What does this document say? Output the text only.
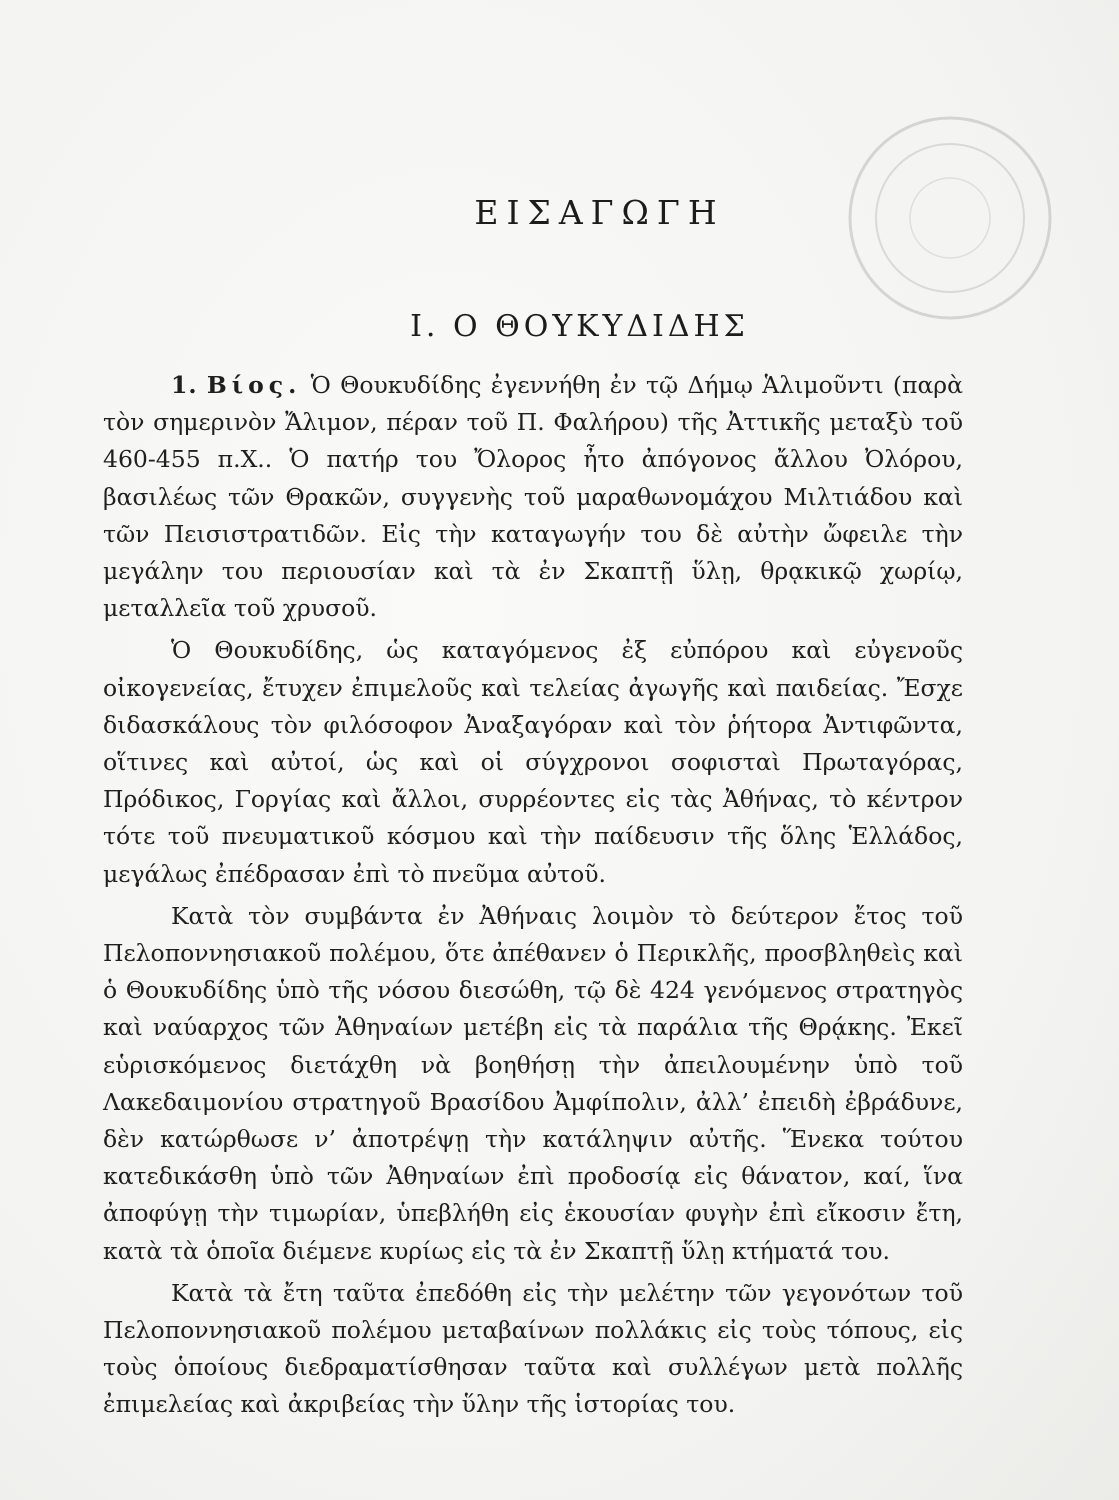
ΕΙΣΑΓΩΓΗ
Ι. Ο ΘΟΥΚΥΔΙΔΗΣ

1. Βίος. Ὁ Θουκυδίδης ἐγεννήθη ἐν τῷ Δήμῳ Ἁλιμοῦντι (παρὰ τὸν σημερινὸν Ἄλιμον, πέραν τοῦ Π. Φαλήρου) τῆς Ἀττικῆς μεταξὺ τοῦ 460-455 π.Χ.. Ὁ πατήρ του Ὄλορος ἦτο ἀπόγονος ἄλλου Ὀλόρου, βασιλέως τῶν Θρακῶν, συγγενὴς τοῦ μαραθωνομάχου Μιλτιάδου καὶ τῶν Πεισιστρατιδῶν. Εἰς τὴν καταγωγήν του δὲ αὐτὴν ὤφειλε τὴν μεγάλην του περιουσίαν καὶ τὰ ἐν Σκαπτῇ ὕλῃ, θρᾳκικῷ χωρίῳ, μεταλλεῖα τοῦ χρυσοῦ.

Ὁ Θουκυδίδης, ὡς καταγόμενος ἐξ εὐπόρου καὶ εὐγενοῦς οἰκογενείας, ἔτυχεν ἐπιμελοῦς καὶ τελείας ἀγωγῆς καὶ παιδείας. Ἔσχε διδασκάλους τὸν φιλόσοφον Ἀναξαγόραν καὶ τὸν ῥήτορα Ἀντιφῶντα, οἵτινες καὶ αὐτοί, ὡς καὶ οἱ σύγχρονοι σοφισταὶ Πρωταγόρας, Πρόδικος, Γοργίας καὶ ἄλλοι, συρρέοντες εἰς τὰς Ἀθήνας, τὸ κέντρον τότε τοῦ πνευματικοῦ κόσμου καὶ τὴν παίδευσιν τῆς ὅλης Ἑλλάδος, μεγάλως ἐπέδρασαν ἐπὶ τὸ πνεῦμα αὐτοῦ.

Κατὰ τὸν συμβάντα ἐν Ἀθήναις λοιμὸν τὸ δεύτερον ἔτος τοῦ Πελοποννησιακοῦ πολέμου, ὅτε ἀπέθανεν ὁ Περικλῆς, προσβληθεὶς καὶ ὁ Θουκυδίδης ὑπὸ τῆς νόσου διεσώθη, τῷ δὲ 424 γενόμενος στρατηγὸς καὶ ναύαρχος τῶν Ἀθηναίων μετέβη εἰς τὰ παράλια τῆς Θρᾴκης. Ἐκεῖ εὑρισκόμενος διετάχθη νὰ βοηθήσῃ τὴν ἀπειλουμένην ὑπὸ τοῦ Λακεδαιμονίου στρατηγοῦ Βρασίδου Ἀμφίπολιν, ἀλλ’ ἐπειδὴ ἐβράδυνε, δὲν κατώρθωσε ν’ ἀποτρέψῃ τὴν κατάληψιν αὐτῆς. Ἕνεκα τούτου κατεδικάσθη ὑπὸ τῶν Ἀθηναίων ἐπὶ προδοσίᾳ εἰς θάνατον, καί, ἵνα ἀποφύγῃ τὴν τιμωρίαν, ὑπεβλήθη εἰς ἑκουσίαν φυγὴν ἐπὶ εἴκοσιν ἔτη, κατὰ τὰ ὁποῖα διέμενε κυρίως εἰς τὰ ἐν Σκαπτῇ ὕλῃ κτήματά του.

Κατὰ τὰ ἔτη ταῦτα ἐπεδόθη εἰς τὴν μελέτην τῶν γεγονότων τοῦ Πελοποννησιακοῦ πολέμου μεταβαίνων πολλάκις εἰς τοὺς τόπους, εἰς τοὺς ὁποίους διεδραματίσθησαν ταῦτα καὶ συλλέγων μετὰ πολλῆς ἐπιμελείας καὶ ἀκριβείας τὴν ὕλην τῆς ἱστορίας του.
